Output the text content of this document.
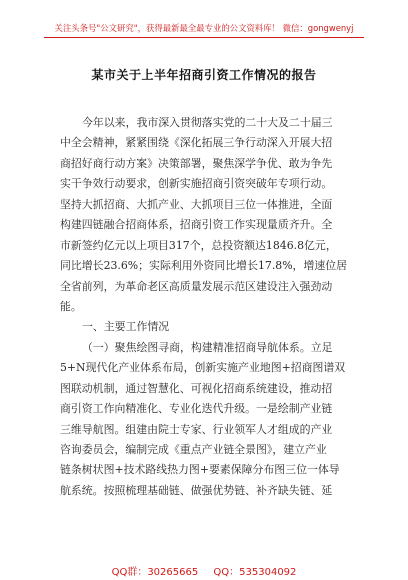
关注头条号"公文研究"，获得最新最全最专业的公文资料库！ 微信：gongwenyj
某市关于上半年招商引资工作情况的报告
今年以来，我市深入贯彻落实党的二十大及二十届三
中全会精神，紧紧围绕《深化拓展三争行动深入开展大招
商招好商行动方案》决策部署，聚焦深学争优、敢为争先
实干争效行动要求，创新实施招商引资突破年专项行动。
坚持大抓招商、大抓产业、大抓项目三位一体推进，全面
构建四链融合招商体系，招商引资工作实现量质齐升。全
市新签约亿元以上项目317个，总投资额达1846.8亿元，
同比增长23.6%；实际利用外资同比增长17.8%，增速位居
全省前列，为革命老区高质量发展示范区建设注入强劲动
能。
一、主要工作情况
（一）聚焦绘图寻商，构建精准招商导航体系。立足
5+N现代化产业体系布局，创新实施产业地图+招商图谱双
图联动机制，通过智慧化、可视化招商系统建设，推动招
商引资工作向精准化、专业化迭代升级。一是绘制产业链
三维导航图。组建由院士专家、行业领军人才组成的产业
咨询委员会，编制完成《重点产业链全景图》，建立产业
链条树状图+技术路线热力图+要素保障分布图三位一体导
航系统。按照梳理基础链、做强优势链、补齐缺失链、延
QQ群：30265665 QQ：535304092
